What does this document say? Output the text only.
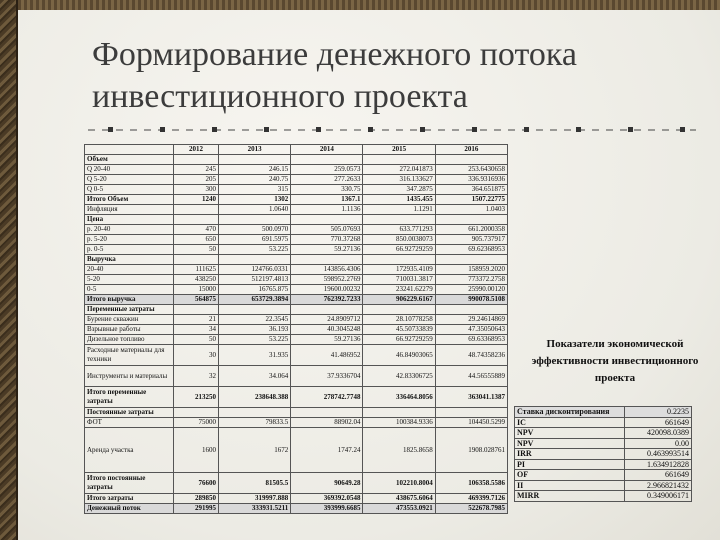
Формирование денежного потока инвестиционного проекта
	2012	2013	2014	2015	2016
Объем					
Q 20-40	245	246.15	259.0573	272.041873	253.6430658
Q 5-20	205	240.75	277.2633	316.133627	336.9316936
Q 0-5	300	315	330.75	347.2875	364.651875
Итого Объем	1240	1302	1367.1	1435.455	1507.22775
Инфляция		1.0640	1.1136	1.1291	1.0403
Цена					
р. 20-40	470	500.0970	505.07693	633.771293	661.2000358
р. 5-20	650	691.5975	770.37268	850.0038073	905.737917
р. 0-5	50	53.225	59.27136	66.92729259	69.62368953
Выручка					
20-40	111625	124766.0331	143856.4306	172935.4109	158959.2020
5-20	438250	512197.4813	598952.2769	710031.3817	773372.2758
0-5	15000	16765.875	19600.00232	23241.62279	25990.00120
Итого выручка	564875	653729.3894	762392.7233	906229.6167	990078.5108
Переменные затраты					
Бурение скважин	21	22.3545	24.8909712	28.10778258	29.24614869
Взрывные работы	34	36.193	40.3045248	45.50733839	47.35050643
Дизельное топливо	50	53.225	59.27136	66.92729259	69.63368953
Расходные материалы для техники	30	31.935	41.486952	46.84903065	48.74358236
Инструменты и материалы	32	34.064	37.9336704	42.83306725	44.56555889
Итого переменные затраты	213250	238648.388	278742.7748	336464.8056	363041.1387
Постоянные затраты					
ФОТ	75000	79833.5	88902.04	100384.9336	104450.5299
Аренда участка	1600	1672	1747.24	1825.8658	1908.028761
Итого постоянные затраты	76600	81505.5	90649.28	102210.8004	106358.5586
Итого затраты	289850	319997.888	369392.0548	438675.6064	469399.7126
Денежный поток	291995	333931.5211	393999.6685	473553.0921	522678.7985
Показатели экономической эффективности инвестиционного проекта
Ставка дисконтирования	0.2235
IC	661649
NPV	420098.0389
NPV	0.00
IRR	0.463993514
PI	1.634912828
OF	661649
II	2.966821432
MIRR	0.349006171
